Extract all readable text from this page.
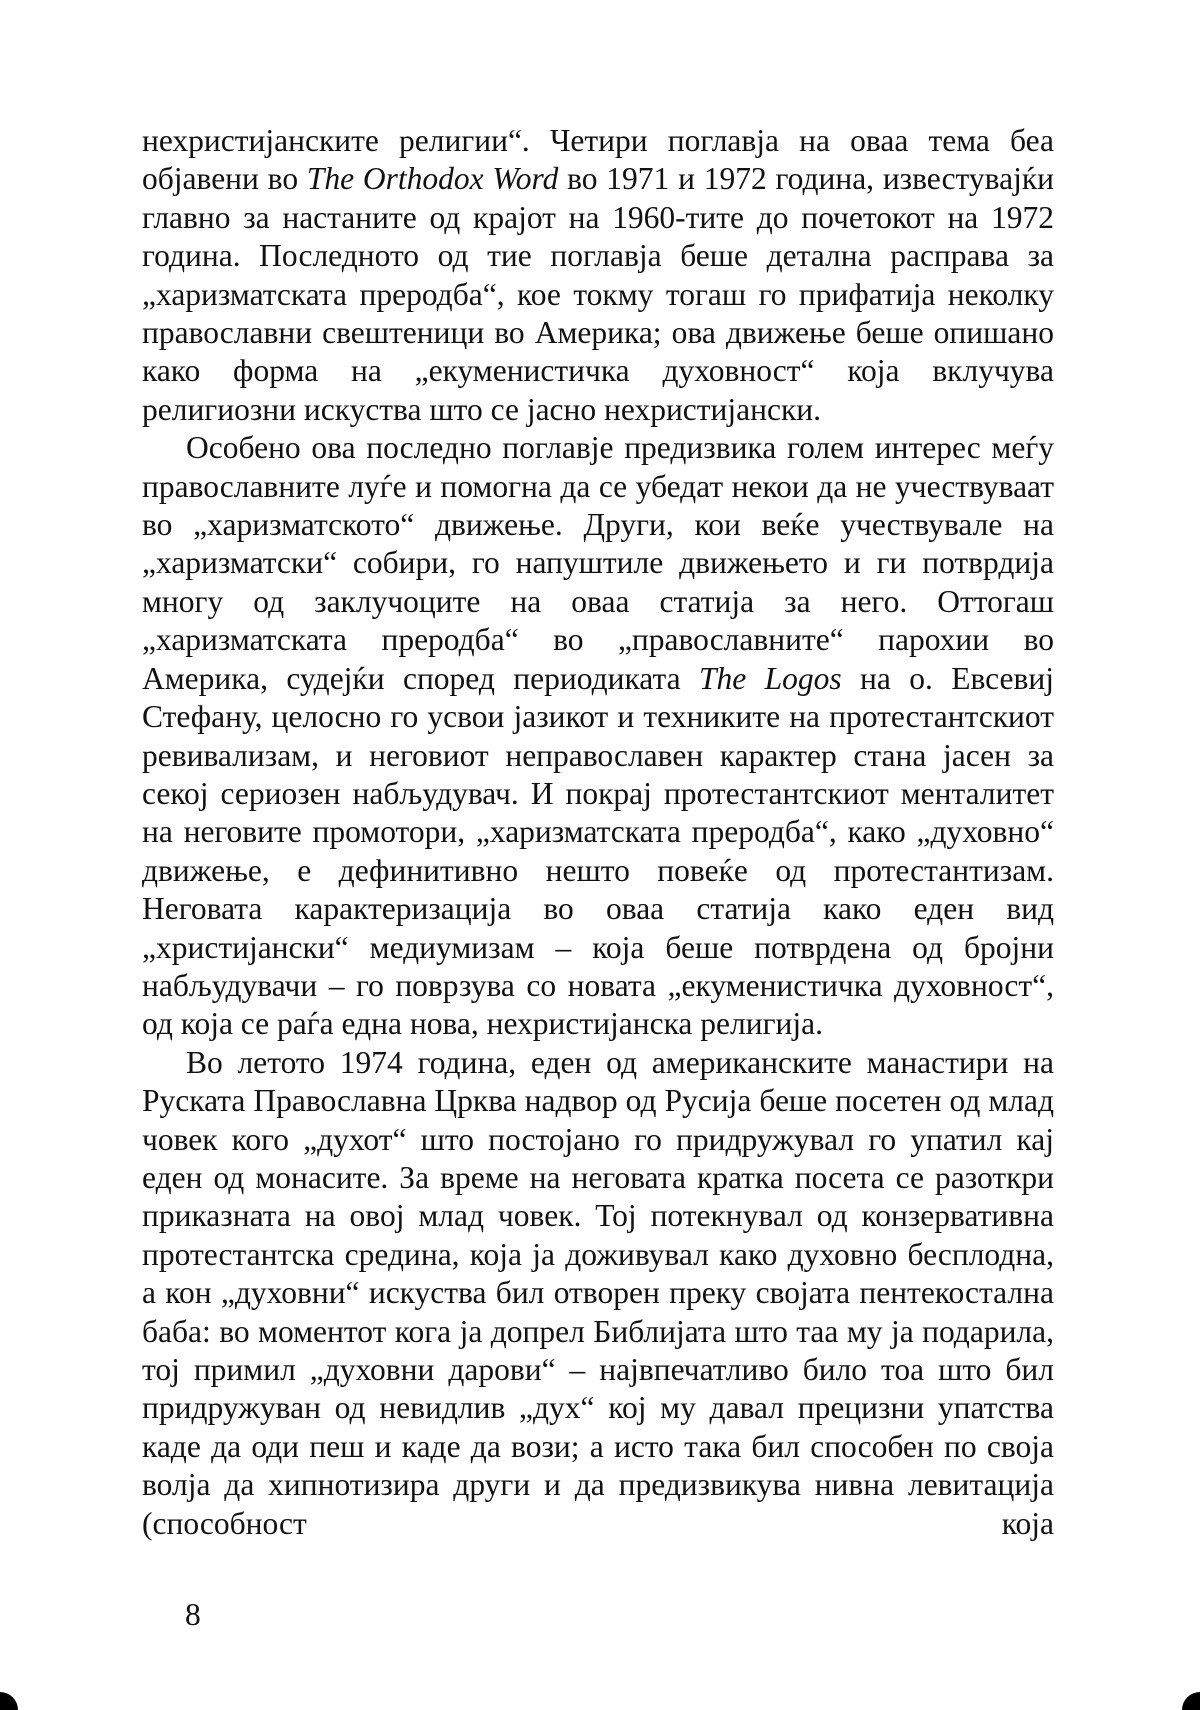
нехристијанските религии“. Четири поглавја на оваа тема беа објавени во The Orthodox Word во 1971 и 1972 година, известувајќи главно за настаните од крајот на 1960-тите до почетокот на 1972 година. Последното од тие поглавја беше детална расправа за „харизматската преродба“, кое токму тогаш го прифатија неколку православни свештеници во Америка; ова движење беше опишано како форма на „екуменистичка духовност“ која вклучува религиозни искуства што се јасно нехристијански.

Особено ова последно поглавје предизвика голем интерес меѓу православните луѓе и помогна да се убедат некои да не учествуваат во „харизматското“ движење. Други, кои веќе учествувале на „харизматски“ собири, го напуштиле движењето и ги потврдија многу од заклучоците на оваа статија за него. Оттогаш „харизматската преродба“ во „православните“ парохии во Америка, судејќи според периодиката The Logos на о. Евсевиј Стефану, целосно го усвои јазикот и техниките на протестантскиот ревивализам, и неговиот неправославен карактер стана јасен за секој сериозен набљудувач. И покрај протестантскиот менталитет на неговите промотори, „харизматската преродба“, како „духовно“ движење, е дефинитивно нешто повеќе од протестантизам. Неговата карактеризација во оваа статија како еден вид „христијански“ медиумизам – која беше потврдена од бројни набљудувачи – го поврзува со новата „екуменистичка духовност“, од која се раѓа една нова, нехристијанска религија.

Во летото 1974 година, еден од американските манастири на Руската Православна Црква надвор од Русија беше посетен од млад човек кого „духот“ што постојано го придружувал го упатил кај еден од монасите. За време на неговата кратка посета се разоткри приказната на овој млад човек. Тој потекнувал од конзервативна протестантска средина, која ја доживувал како духовно бесплодна, а кон „духовни“ искуства бил отворен преку својата пентекостална баба: во моментот кога ја допрел Библијата што таа му ја подарила, тој примил „духовни дарови“ – највпечатливо било тоа што бил придружуван од невидлив „дух“ кој му давал прецизни упатства каде да оди пеш и каде да вози; а исто така бил способен по своја волја да хипнотизира други и да предизвикува нивна левитација (способност која

8
